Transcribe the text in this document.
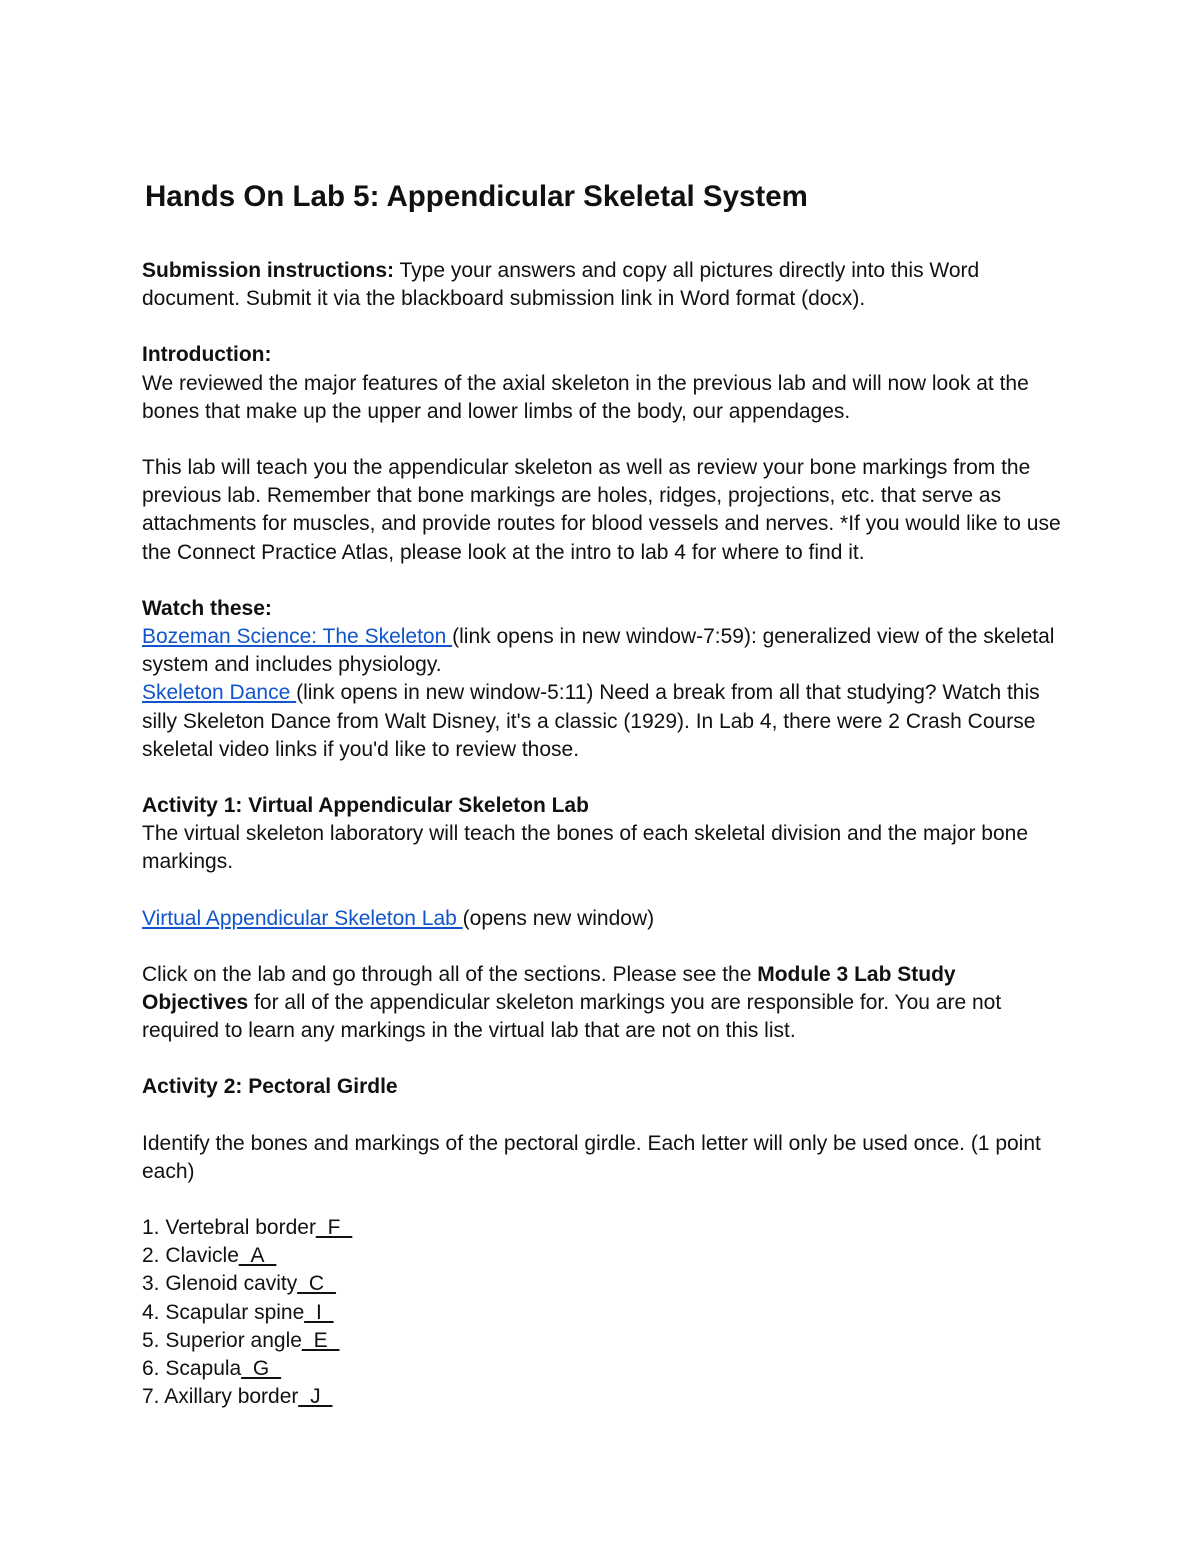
Hands On Lab 5: Appendicular Skeletal System

Submission instructions: Type your answers and copy all pictures directly into this Word document. Submit it via the blackboard submission link in Word format (docx).

Introduction:

We reviewed the major features of the axial skeleton in the previous lab and will now look at the bones that make up the upper and lower limbs of the body, our appendages.

This lab will teach you the appendicular skeleton as well as review your bone markings from the previous lab. Remember that bone markings are holes, ridges, projections, etc. that serve as attachments for muscles, and provide routes for blood vessels and nerves. *If you would like to use the Connect Practice Atlas, please look at the intro to lab 4 for where to find it.

Watch these:

Bozeman Science: The Skeleton (link opens in new window-7:59): generalized view of the skeletal system and includes physiology.

Skeleton Dance (link opens in new window-5:11) Need a break from all that studying? Watch this silly Skeleton Dance from Walt Disney, it's a classic (1929). In Lab 4, there were 2 Crash Course skeletal video links if you'd like to review those.

Activity 1: Virtual Appendicular Skeleton Lab

The virtual skeleton laboratory will teach the bones of each skeletal division and the major bone markings.

Virtual Appendicular Skeleton Lab (opens new window)

Click on the lab and go through all of the sections. Please see the Module 3 Lab Study Objectives for all of the appendicular skeleton markings you are responsible for. You are not required to learn any markings in the virtual lab that are not on this list.

Activity 2: Pectoral Girdle

Identify the bones and markings of the pectoral girdle. Each letter will only be used once. (1 point each)

1. Vertebral border_F_

2. Clavicle_A_

3. Glenoid cavity_C_

4. Scapular spine_I_

5. Superior angle_E_

6. Scapula_G_

7. Axillary border_J_
